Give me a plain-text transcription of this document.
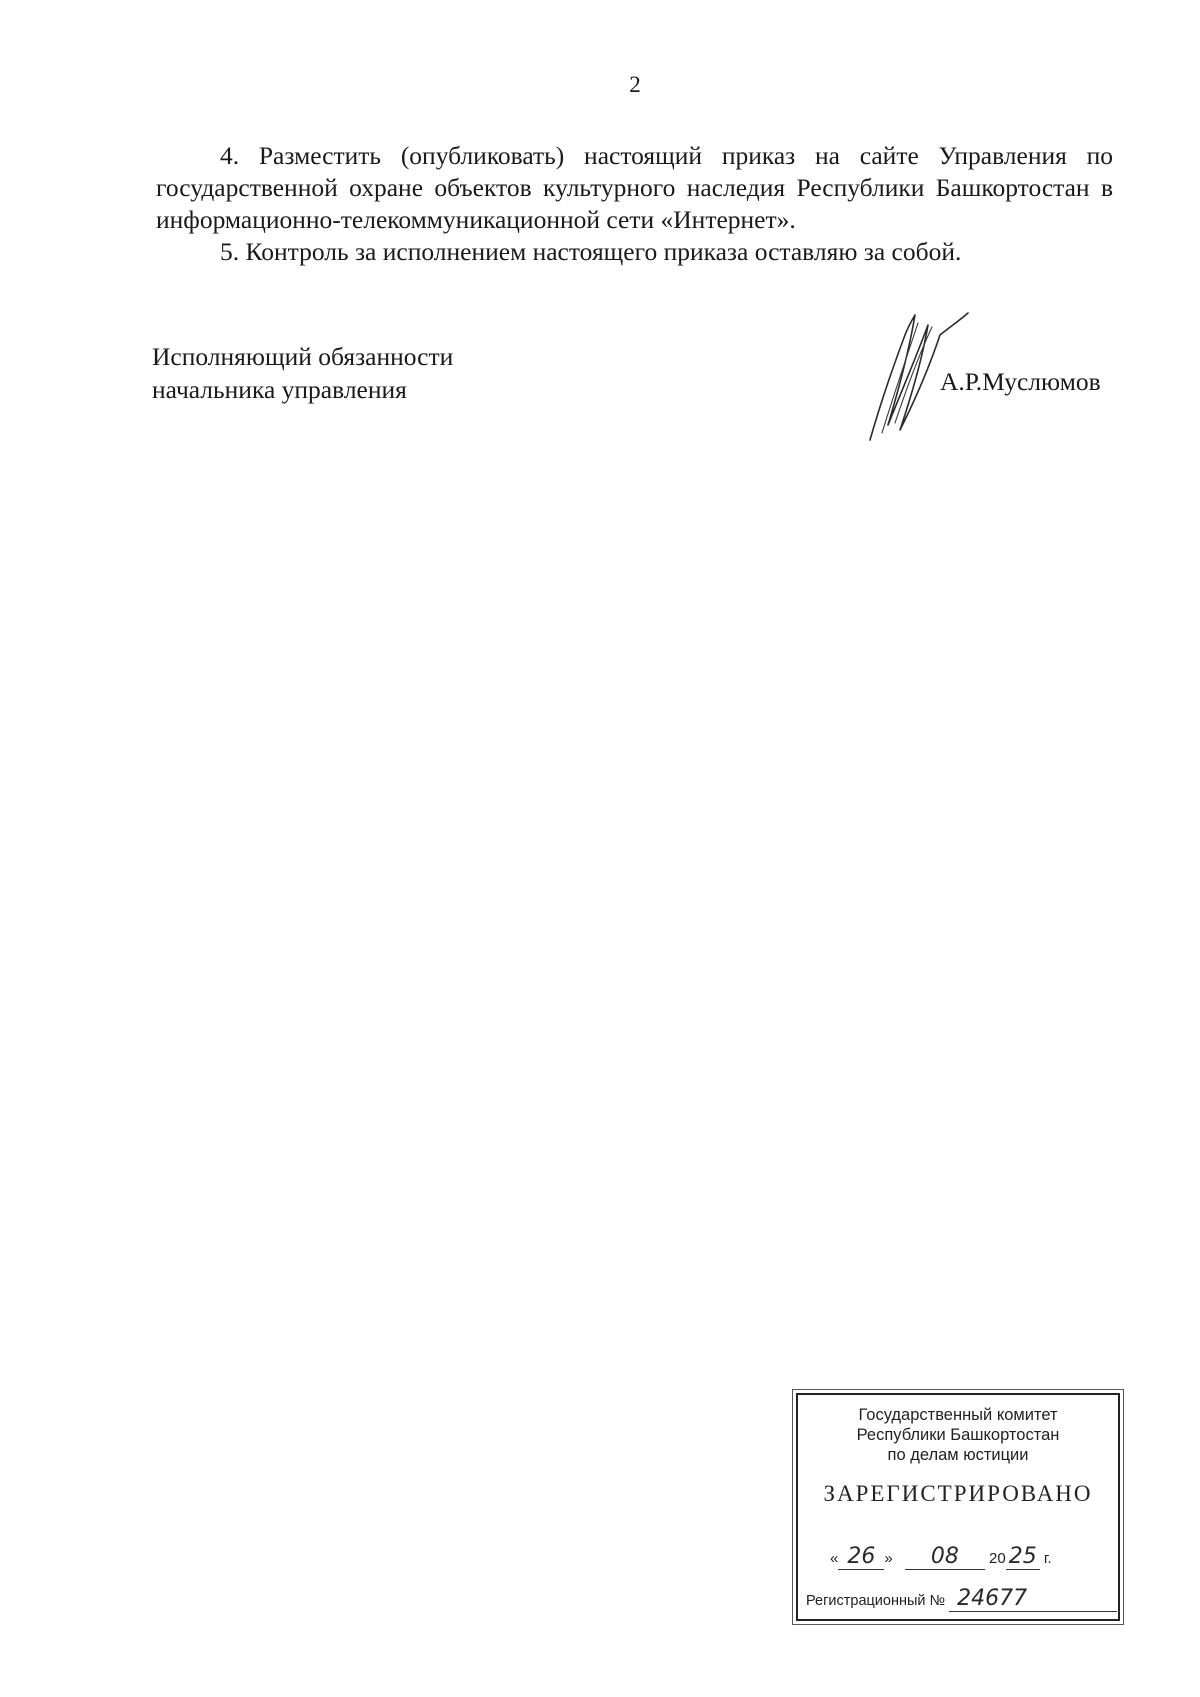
2

4. Разместить (опубликовать) настоящий приказ на сайте Управления по государственной охране объектов культурного наследия Республики Башкортостан в информационно-телекоммуникационной сети «Интернет».

5. Контроль за исполнением настоящего приказа оставляю за собой.

Исполняющий обязанности
начальника управления	А.Р.Муслюмов
Государственный комитет
Республики Башкортостан
по делам юстиции
ЗАРЕГИСТРИРОВАНО
« 26 » 08 20 25 г.
Регистрационный № 24677
